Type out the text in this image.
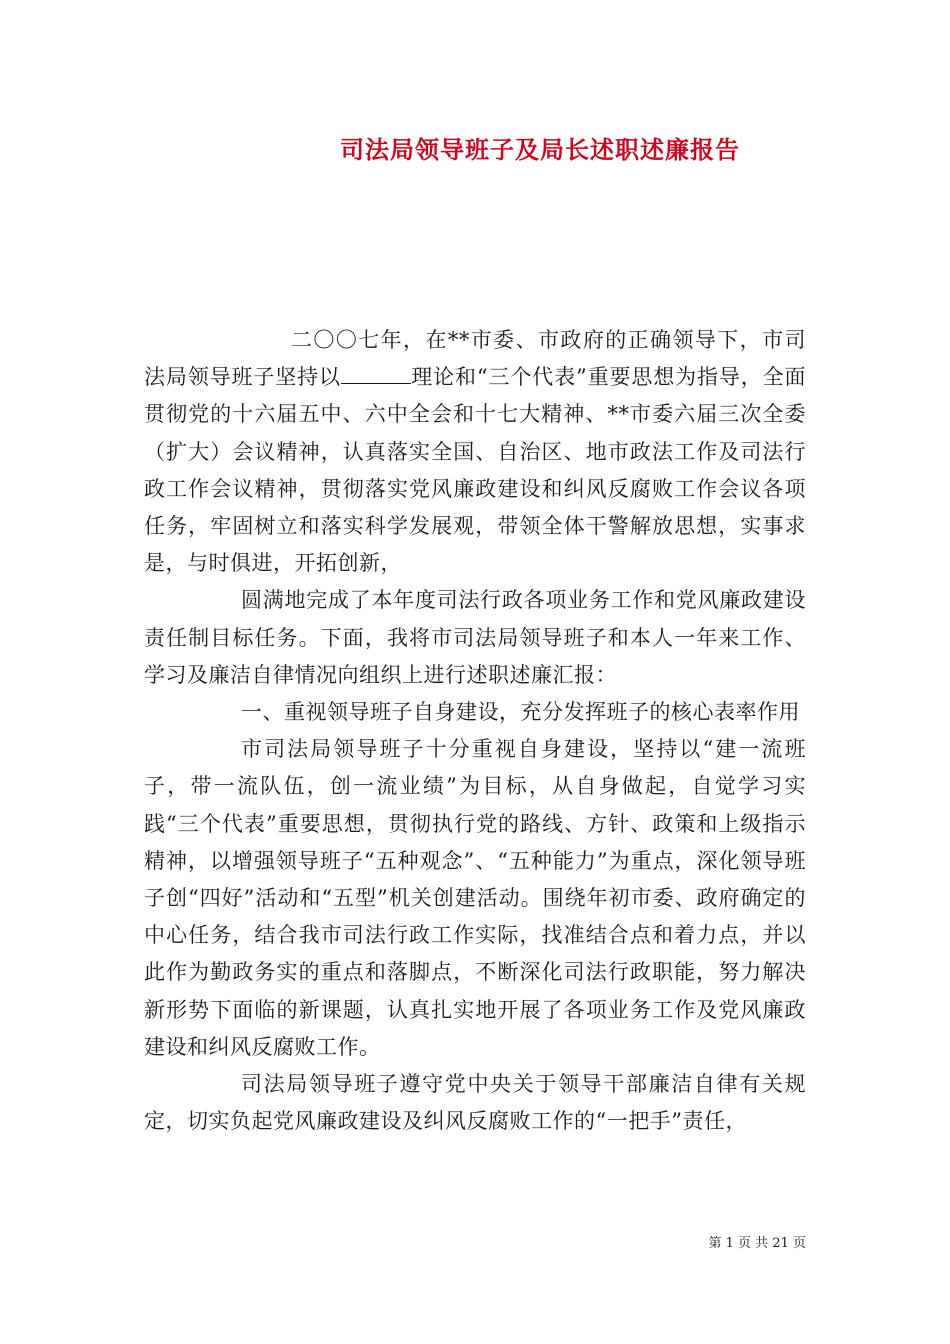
司法局领导班子及局长述职述廉报告

二〇〇七年，在**市委、市政府的正确领导下，市司法局领导班子坚持以	理论和“三个代表”重要思想为指导，全面贯彻党的十六届五中、六中全会和十七大精神、**市委六届三次全委（扩大）会议精神，认真落实全国、自治区、地市政法工作及司法行政工作会议精神，贯彻落实党风廉政建设和纠风反腐败工作会议各项任务，牢固树立和落实科学发展观，带领全体干警解放思想，实事求是，与时俱进，开拓创新，

圆满地完成了本年度司法行政各项业务工作和党风廉政建设责任制目标任务。下面，我将市司法局领导班子和本人一年来工作、学习及廉洁自律情况向组织上进行述职述廉汇报：

一、重视领导班子自身建设，充分发挥班子的核心表率作用

市司法局领导班子十分重视自身建设，坚持以“建一流班子，带一流队伍，创一流业绩”为目标，从自身做起，自觉学习实践“三个代表”重要思想，贯彻执行党的路线、方针、政策和上级指示精神，以增强领导班子“五种观念”、“五种能力”为重点，深化领导班子创“四好”活动和“五型”机关创建活动。围绕年初市委、政府确定的中心任务，结合我市司法行政工作实际，找准结合点和着力点，并以此作为勤政务实的重点和落脚点，不断深化司法行政职能，努力解决新形势下面临的新课题，认真扎实地开展了各项业务工作及党风廉政建设和纠风反腐败工作。

司法局领导班子遵守党中央关于领导干部廉洁自律有关规定，切实负起党风廉政建设及纠风反腐败工作的“一把手”责任，

第 1 页 共 21 页
